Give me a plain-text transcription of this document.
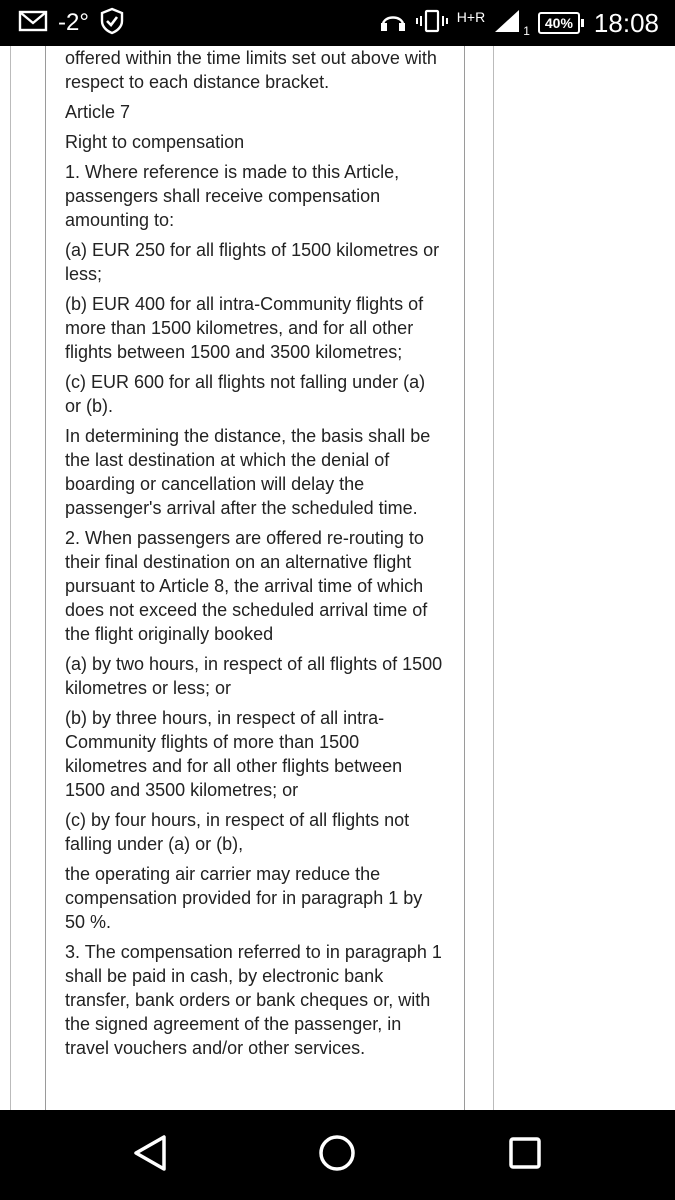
-2°	H+R
1 40% 18:08

offered within the time limits set out above with respect to each distance bracket.

Article 7

Right to compensation

1. Where reference is made to this Article, passengers shall receive compensation amounting to:

(a) EUR 250 for all flights of 1500 kilometres or less;

(b) EUR 400 for all intra-Community flights of more than 1500 kilometres, and for all other flights between 1500 and 3500 kilometres;

(c) EUR 600 for all flights not falling under (a) or (b).

In determining the distance, the basis shall be the last destination at which the denial of boarding or cancellation will delay the passenger's arrival after the scheduled time.

2. When passengers are offered re-routing to their final destination on an alternative flight pursuant to Article 8, the arrival time of which does not exceed the scheduled arrival time of the flight originally booked

(a) by two hours, in respect of all flights of 1500 kilometres or less; or

(b) by three hours, in respect of all intra-Community flights of more than 1500 kilometres and for all other flights between 1500 and 3500 kilometres; or

(c) by four hours, in respect of all flights not falling under (a) or (b),

the operating air carrier may reduce the compensation provided for in paragraph 1 by 50 %.

3. The compensation referred to in paragraph 1 shall be paid in cash, by electronic bank transfer, bank orders or bank cheques or, with the signed agreement of the passenger, in travel vouchers and/or other services.
